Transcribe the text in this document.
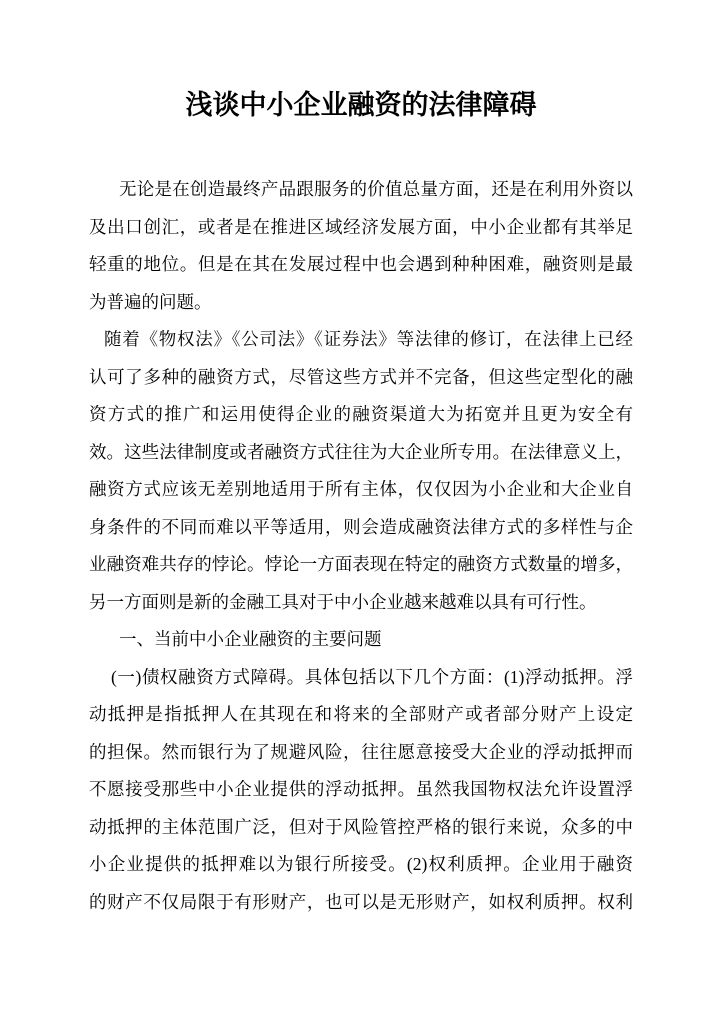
浅谈中小企业融资的法律障碍
无论是在创造最终产品跟服务的价值总量方面，还是在利用外资以
及出口创汇，或者是在推进区域经济发展方面，中小企业都有其举足
轻重的地位。但是在其在发展过程中也会遇到种种困难，融资则是最
为普遍的问题。
随着《物权法》《公司法》《证券法》等法律的修订，在法律上已经
认可了多种的融资方式，尽管这些方式并不完备，但这些定型化的融
资方式的推广和运用使得企业的融资渠道大为拓宽并且更为安全有
效。这些法律制度或者融资方式往往为大企业所专用。在法律意义上，
融资方式应该无差别地适用于所有主体，仅仅因为小企业和大企业自
身条件的不同而难以平等适用，则会造成融资法律方式的多样性与企
业融资难共存的悖论。悖论一方面表现在特定的融资方式数量的增多，
另一方面则是新的金融工具对于中小企业越来越难以具有可行性。
一、当前中小企业融资的主要问题
(一)债权融资方式障碍。具体包括以下几个方面：(1)浮动抵押。浮
动抵押是指抵押人在其现在和将来的全部财产或者部分财产上设定
的担保。然而银行为了规避风险，往往愿意接受大企业的浮动抵押而
不愿接受那些中小企业提供的浮动抵押。虽然我国物权法允许设置浮
动抵押的主体范围广泛，但对于风险管控严格的银行来说，众多的中
小企业提供的抵押难以为银行所接受。(2)权利质押。企业用于融资
的财产不仅局限于有形财产，也可以是无形财产，如权利质押。权利
